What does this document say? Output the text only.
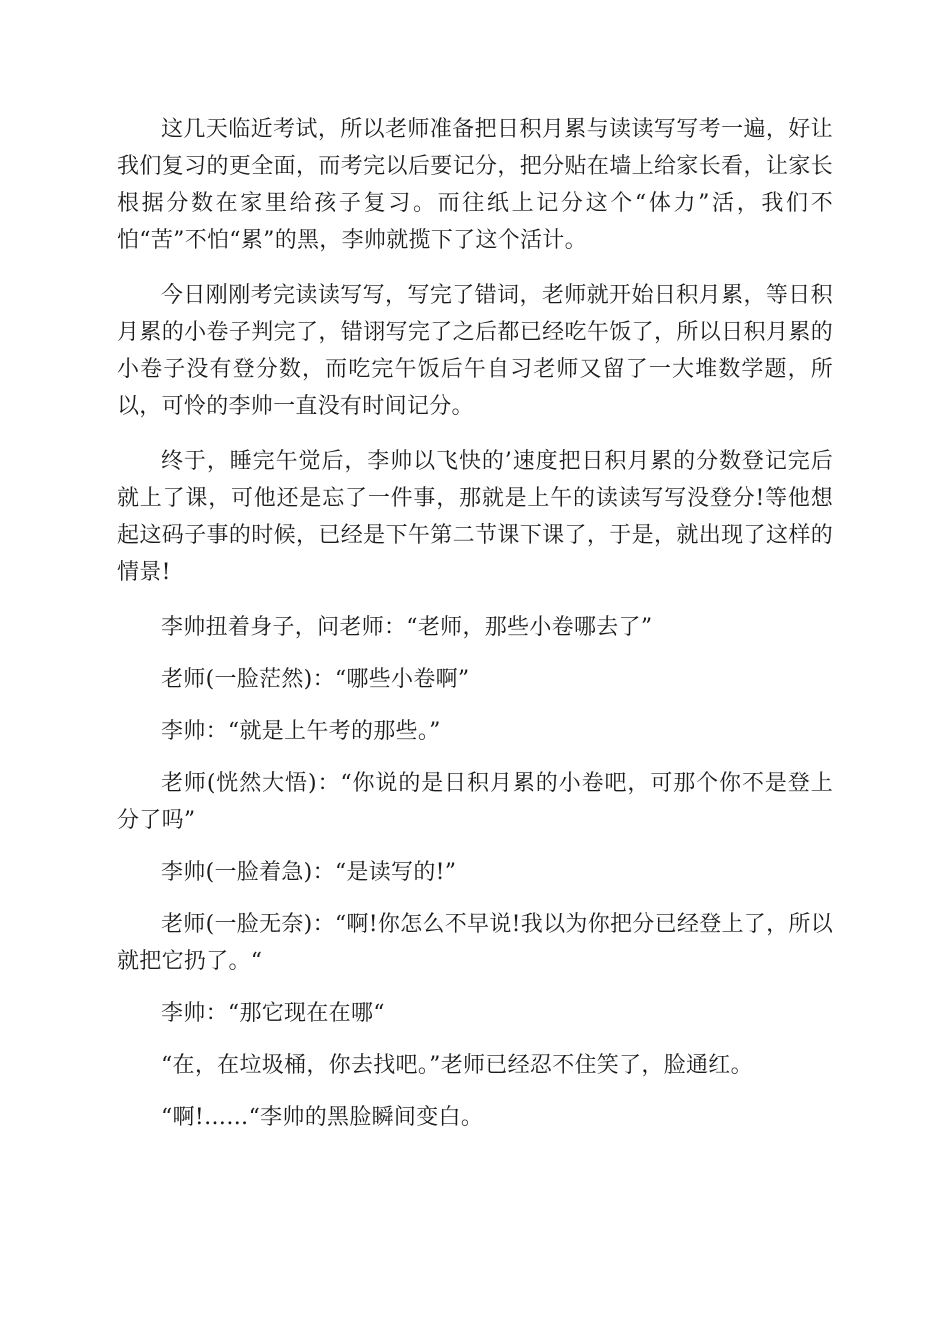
这几天临近考试，所以老师准备把日积月累与读读写写考一遍，好让我们复习的更全面，而考完以后要记分，把分贴在墙上给家长看，让家长根据分数在家里给孩子复习。而往纸上记分这个“体力”活，我们不怕“苦”不怕“累”的黑，李帅就揽下了这个活计。

今日刚刚考完读读写写，写完了错词，老师就开始日积月累，等日积月累的小卷子判完了，错诩写完了之后都已经吃午饭了，所以日积月累的小卷子没有登分数，而吃完午饭后午自习老师又留了一大堆数学题，所以，可怜的李帅一直没有时间记分。

终于，睡完午觉后，李帅以飞快的’速度把日积月累的分数登记完后就上了课，可他还是忘了一件事，那就是上午的读读写写没登分!等他想起这码子事的时候，已经是下午第二节课下课了，于是，就出现了这样的情景!

李帅扭着身子，问老师：“老师，那些小卷哪去了”

老师(一脸茫然)：“哪些小卷啊”

李帅：“就是上午考的那些。”

老师(恍然大悟)：“你说的是日积月累的小卷吧，可那个你不是登上分了吗”

李帅(一脸着急)：“是读写的!”

老师(一脸无奈)：“啊!你怎么不早说!我以为你把分已经登上了，所以就把它扔了。“

李帅：“那它现在在哪“

“在，在垃圾桶，你去找吧。”老师已经忍不住笑了，脸通红。

“啊!……“李帅的黑脸瞬间变白。
